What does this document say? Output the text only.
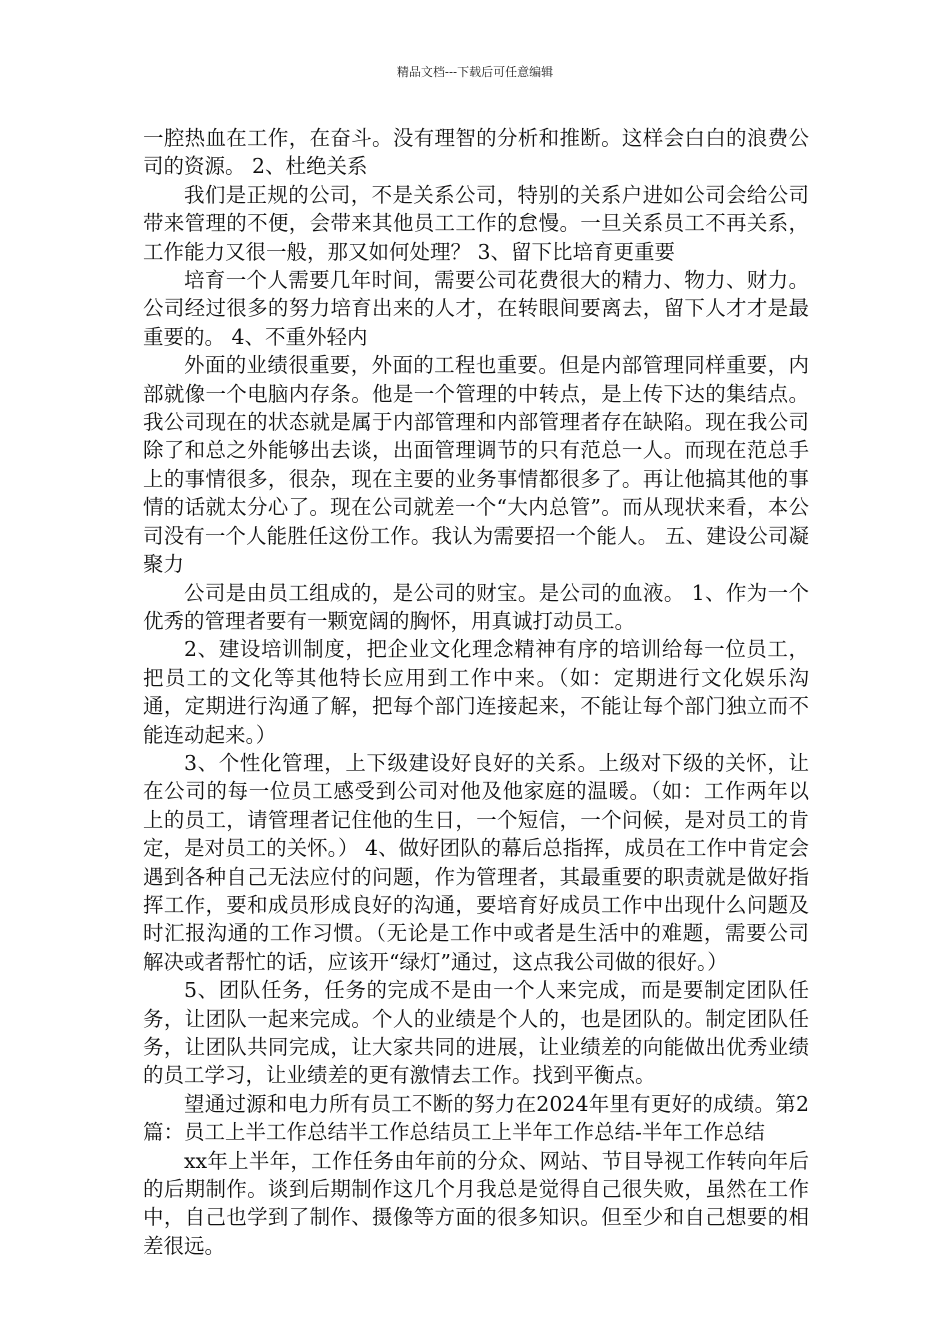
精品文档---下载后可任意编辑

一腔热血在工作，在奋斗。没有理智的分析和推断。这样会白白的浪费公司的资源。 2、杜绝关系

我们是正规的公司，不是关系公司，特别的关系户进如公司会给公司带来管理的不便，会带来其他员工工作的怠慢。一旦关系员工不再关系，工作能力又很一般，那又如何处理？ 3、留下比培育更重要

培育一个人需要几年时间，需要公司花费很大的精力、物力、财力。公司经过很多的努力培育出来的人才，在转眼间要离去，留下人才才是最重要的。 4、不重外轻内

外面的业绩很重要，外面的工程也重要。但是内部管理同样重要，内部就像一个电脑内存条。他是一个管理的中转点，是上传下达的集结点。我公司现在的状态就是属于内部管理和内部管理者存在缺陷。现在我公司除了和总之外能够出去谈，出面管理调节的只有范总一人。而现在范总手上的事情很多，很杂，现在主要的业务事情都很多了。再让他搞其他的事情的话就太分心了。现在公司就差一个“大内总管”。而从现状来看，本公司没有一个人能胜任这份工作。我认为需要招一个能人。 五、建设公司凝聚力

公司是由员工组成的，是公司的财宝。是公司的血液。 1、作为一个优秀的管理者要有一颗宽阔的胸怀，用真诚打动员工。

2、建设培训制度，把企业文化理念精神有序的培训给每一位员工，把员工的文化等其他特长应用到工作中来。（如：定期进行文化娱乐沟通，定期进行沟通了解，把每个部门连接起来，不能让每个部门独立而不能连动起来。）

3、个性化管理，上下级建设好良好的关系。上级对下级的关怀，让在公司的每一位员工感受到公司对他及他家庭的温暖。（如：工作两年以上的员工，请管理者记住他的生日，一个短信，一个问候，是对员工的肯定，是对员工的关怀。） 4、做好团队的幕后总指挥，成员在工作中肯定会遇到各种自己无法应付的问题，作为管理者，其最重要的职责就是做好指挥工作，要和成员形成良好的沟通，要培育好成员工作中出现什么问题及时汇报沟通的工作习惯。（无论是工作中或者是生活中的难题，需要公司解决或者帮忙的话，应该开“绿灯”通过，这点我公司做的很好。）

5、团队任务，任务的完成不是由一个人来完成，而是要制定团队任务，让团队一起来完成。个人的业绩是个人的，也是团队的。制定团队任务，让团队共同完成，让大家共同的进展，让业绩差的向能做出优秀业绩的员工学习，让业绩差的更有激情去工作。找到平衡点。

望通过源和电力所有员工不断的努力在2024年里有更好的成绩。第2篇：员工上半工作总结半工作总结员工上半年工作总结-半年工作总结

xx年上半年，工作任务由年前的分众、网站、节目导视工作转向年后的后期制作。谈到后期制作这几个月我总是觉得自己很失败，虽然在工作中，自己也学到了制作、摄像等方面的很多知识。但至少和自己想要的相差很远。
